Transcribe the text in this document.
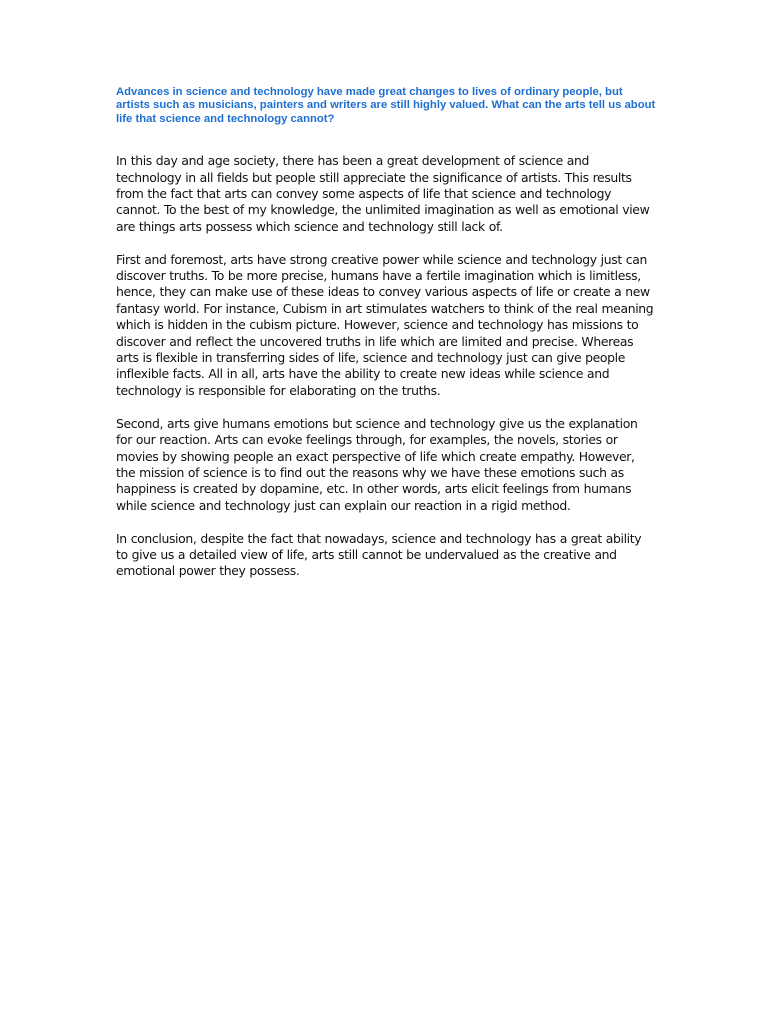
Advances in science and technology have made great changes to lives of ordinary people, but artists such as musicians, painters and writers are still highly valued. What can the arts tell us about life that science and technology cannot?

In this day and age society, there has been a great development of science and technology in all fields but people still appreciate the significance of artists. This results from the fact that arts can convey some aspects of life that science and technology cannot. To the best of my knowledge, the unlimited imagination as well as emotional view are things arts possess which science and technology still lack of.

First and foremost, arts have strong creative power while science and technology just can discover truths. To be more precise, humans have a fertile imagination which is limitless, hence, they can make use of these ideas to convey various aspects of life or create a new fantasy world. For instance, Cubism in art stimulates watchers to think of the real meaning which is hidden in the cubism picture. However, science and technology has missions to discover and reflect the uncovered truths in life which are limited and precise. Whereas arts is flexible in transferring sides of life, science and technology just can give people inflexible facts. All in all, arts have the ability to create new ideas while science and technology is responsible for elaborating on the truths.

Second, arts give humans emotions but science and technology give us the explanation for our reaction. Arts can evoke feelings through, for examples, the novels, stories or movies by showing people an exact perspective of life which create empathy. However, the mission of science is to find out the reasons why we have these emotions such as happiness is created by dopamine, etc. In other words, arts elicit feelings from humans while science and technology just can explain our reaction in a rigid method.

In conclusion, despite the fact that nowadays, science and technology has a great ability to give us a detailed view of life, arts still cannot be undervalued as the creative and emotional power they possess.
